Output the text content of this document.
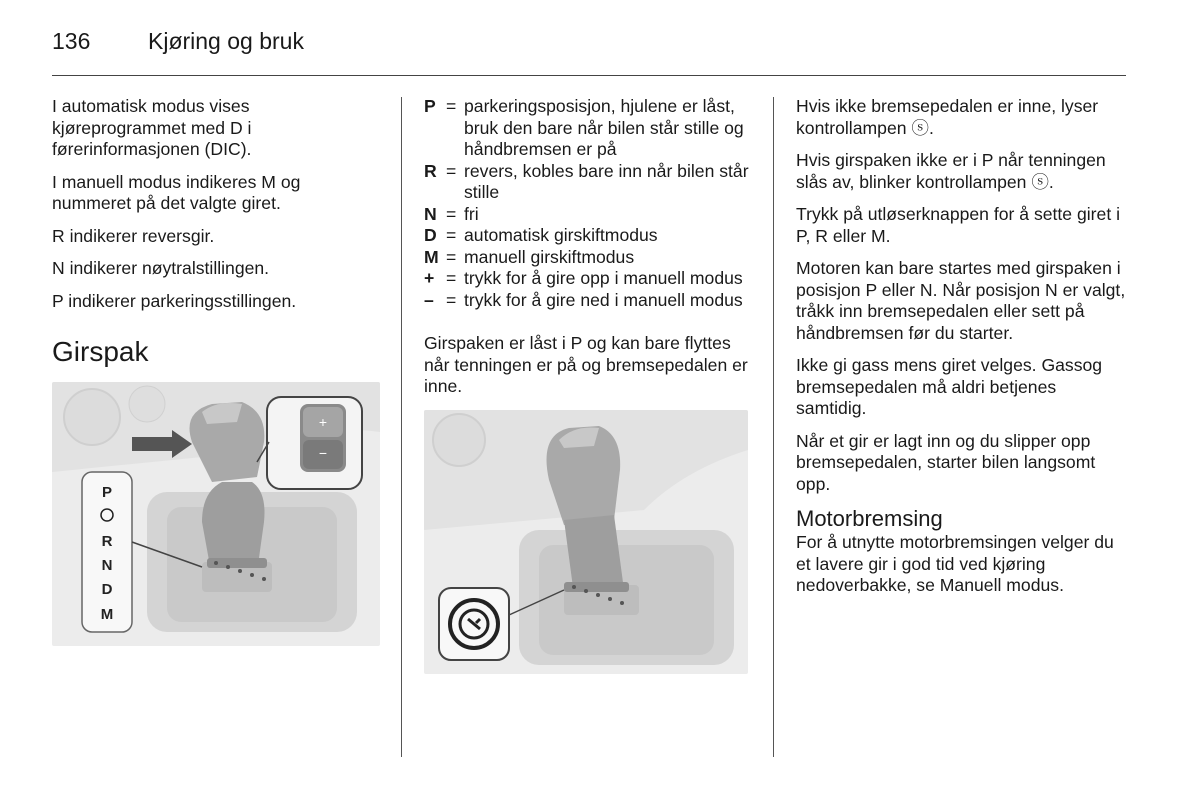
136	Kjøring og bruk

I automatisk modus vises kjøreprogrammet med D i førerinformasjonen (DIC).

I manuell modus indikeres M og nummeret på det valgte giret.

R indikerer reversgir.

N indikerer nøytralstillingen.

P indikerer parkeringsstillingen.

Girspak
+
−
P
R
N
D
M
P = parkeringsposisjon, hjulene er låst, bruk den bare når bilen står stille og håndbremsen er på
R = revers, kobles bare inn når bilen står stille
N = fri
D = automatisk girskiftmodus
M = manuell girskiftmodus
+ = trykk for å gire opp i manuell modus
– = trykk for å gire ned i manuell modus

Girspaken er låst i P og kan bare flyttes når tenningen er på og bremsepedalen er inne.

Hvis ikke bremsepedalen er inne, lyser kontrollampen ⓢ.

Hvis girspaken ikke er i P når tenningen slås av, blinker kontrollampen ⓢ.

Trykk på utløserknappen for å sette giret i P, R eller M.

Motoren kan bare startes med girspaken i posisjon P eller N. Når posisjon N er valgt, tråkk inn bremsepedalen eller sett på håndbremsen før du starter.

Ikke gi gass mens giret velges. Gassog bremsepedalen må aldri betjenes samtidig.

Når et gir er lagt inn og du slipper opp bremsepedalen, starter bilen langsomt opp.

Motorbremsing

For å utnytte motorbremsingen velger du et lavere gir i god tid ved kjøring nedoverbakke, se Manuell modus.
